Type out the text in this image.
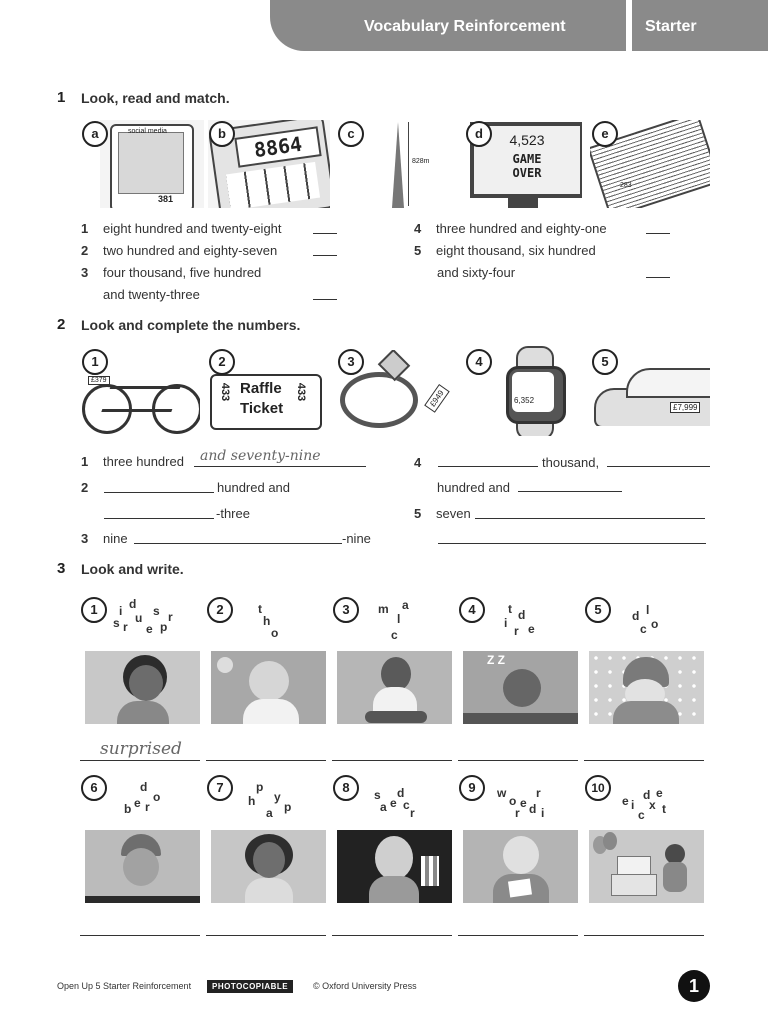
Vocabulary Reinforcement	Starter
1 Look, read and match.
social media
381
a	8864
b
828m
c	4,523
GAME
OVER
d
283
e
1 eight hundred and twenty-eight
2 two hundred and eighty-seven
3 four thousand, five hundred
and twenty-three
4 three hundred and eighty-one
5 eight thousand, six hundred
and sixty-four
2 Look and complete the numbers.
£379
1
433 Raffle
Ticket
433
2
£949
3
6,352
4
£7,999
5
1 three hundred and seventy-nine
2	hundred and
-three
3 nine	-nine
4	thousand,
hundred and
5 seven
3 Look and write.
1	2	3	4	5
i d
u s
s r e p
r
t
h
o
m a
l
c
t d
i
r e
d l
c o
Z Z
surprised
6	7	8	9	10
d
o
b e r
p
y
h
a p
s d
a e c
r
w
o
r
e
r d i
d e
e i x
c t
Open Up 5 Starter Reinforcement	PHOTOCOPIABLE	© Oxford University Press	1
